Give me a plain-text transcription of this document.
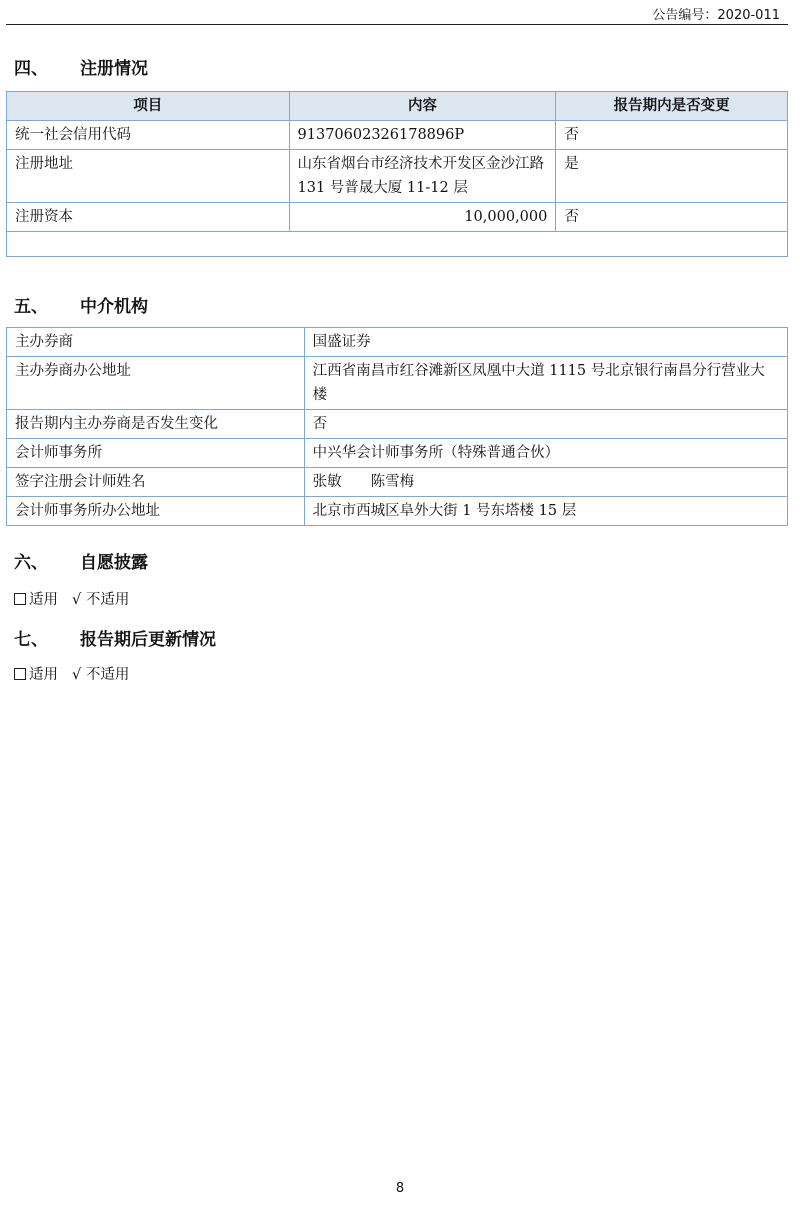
公告编号：2020-011
四、 注册情况
项目	内容	报告期内是否变更
统一社会信用代码	91370602326178896P	否
注册地址	山东省烟台市经济技术开发区金沙江路 131 号普晟大厦 11-12 层	是
注册资本	10,000,000	否

五、 中介机构
主办券商	国盛证券
主办券商办公地址	江西省南昌市红谷滩新区凤凰中大道 1115 号北京银行南昌分行营业大楼
报告期内主办券商是否发生变化	否
会计师事务所	中兴华会计师事务所（特殊普通合伙）
签字注册会计师姓名	张敏　　陈雪梅
会计师事务所办公地址	北京市西城区阜外大街 1 号东塔楼 15 层
六、 自愿披露
适用 √ 不适用
七、 报告期后更新情况
适用 √ 不适用
8
